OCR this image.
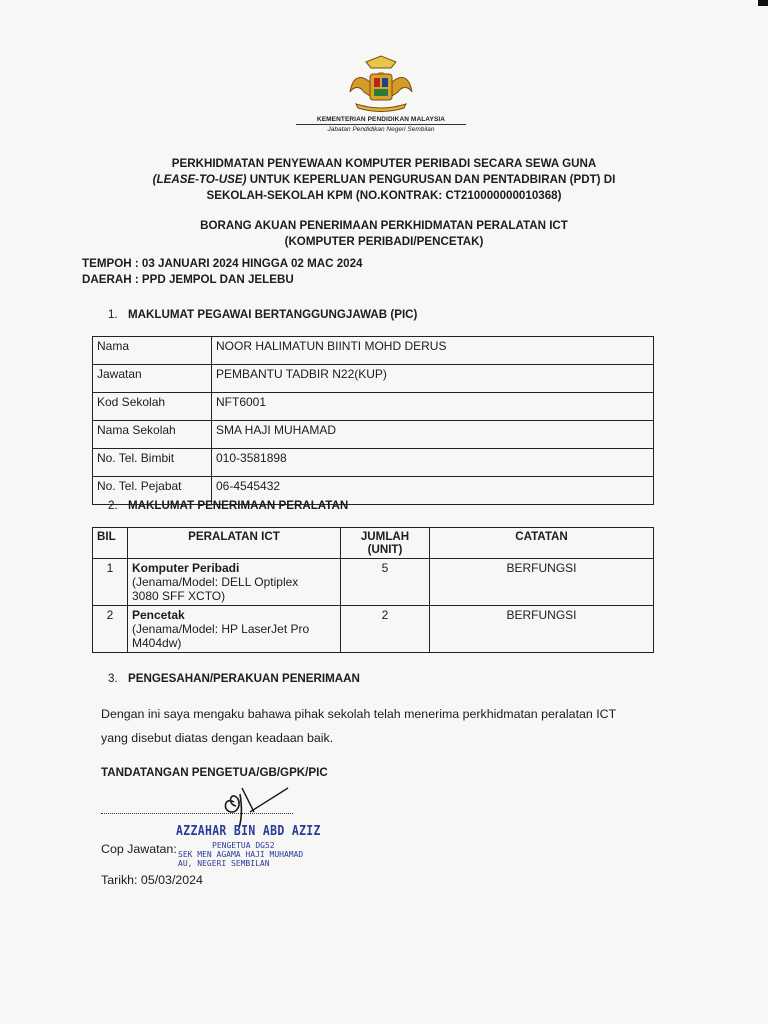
KEMENTERIAN PENDIDIKAN MALAYSIA
Jabatan Pendidikan Negeri Sembilan
PERKHIDMATAN PENYEWAAN KOMPUTER PERIBADI SECARA SEWA GUNA
(LEASE-TO-USE) UNTUK KEPERLUAN PENGURUSAN DAN PENTADBIRAN (PDT) DI
SEKOLAH-SEKOLAH KPM (NO.KONTRAK: CT210000000010368)
BORANG AKUAN PENERIMAAN PERKHIDMATAN PERALATAN ICT
(KOMPUTER PERIBADI/PENCETAK)
TEMPOH : 03 JANUARI 2024 HINGGA 02 MAC 2024
DAERAH : PPD JEMPOL DAN JELEBU
1. MAKLUMAT PEGAWAI BERTANGGUNGJAWAB (PIC)
Nama	NOOR HALIMATUN BIINTI MOHD DERUS
Jawatan	PEMBANTU TADBIR N22(KUP)
Kod Sekolah	NFT6001
Nama Sekolah	SMA HAJI MUHAMAD
No. Tel. Bimbit	010-3581898
No. Tel. Pejabat	06-4545432
2. MAKLUMAT PENERIMAAN PERALATAN
BIL	PERALATAN ICT	JUMLAH
(UNIT)	CATATAN
1	Komputer Peribadi
(Jenama/Model: DELL Optiplex
3080 SFF XCTO)	5	BERFUNGSI
2	Pencetak
(Jenama/Model: HP LaserJet Pro
M404dw)	2	BERFUNGSI
3. PENGESAHAN/PERAKUAN PENERIMAAN
Dengan ini saya mengaku bahawa pihak sekolah telah menerima perkhidmatan peralatan ICT
yang disebut diatas dengan keadaan baik.
TANDATANGAN PENGETUA/GB/GPK/PIC
AZZAHAR BIN ABD AZIZ
PENGETUA DG52
SEK MEN AGAMA HAJI MUHAMAD
AU, NEGERI SEMBILAN
Cop Jawatan:
Tarikh: 05/03/2024
